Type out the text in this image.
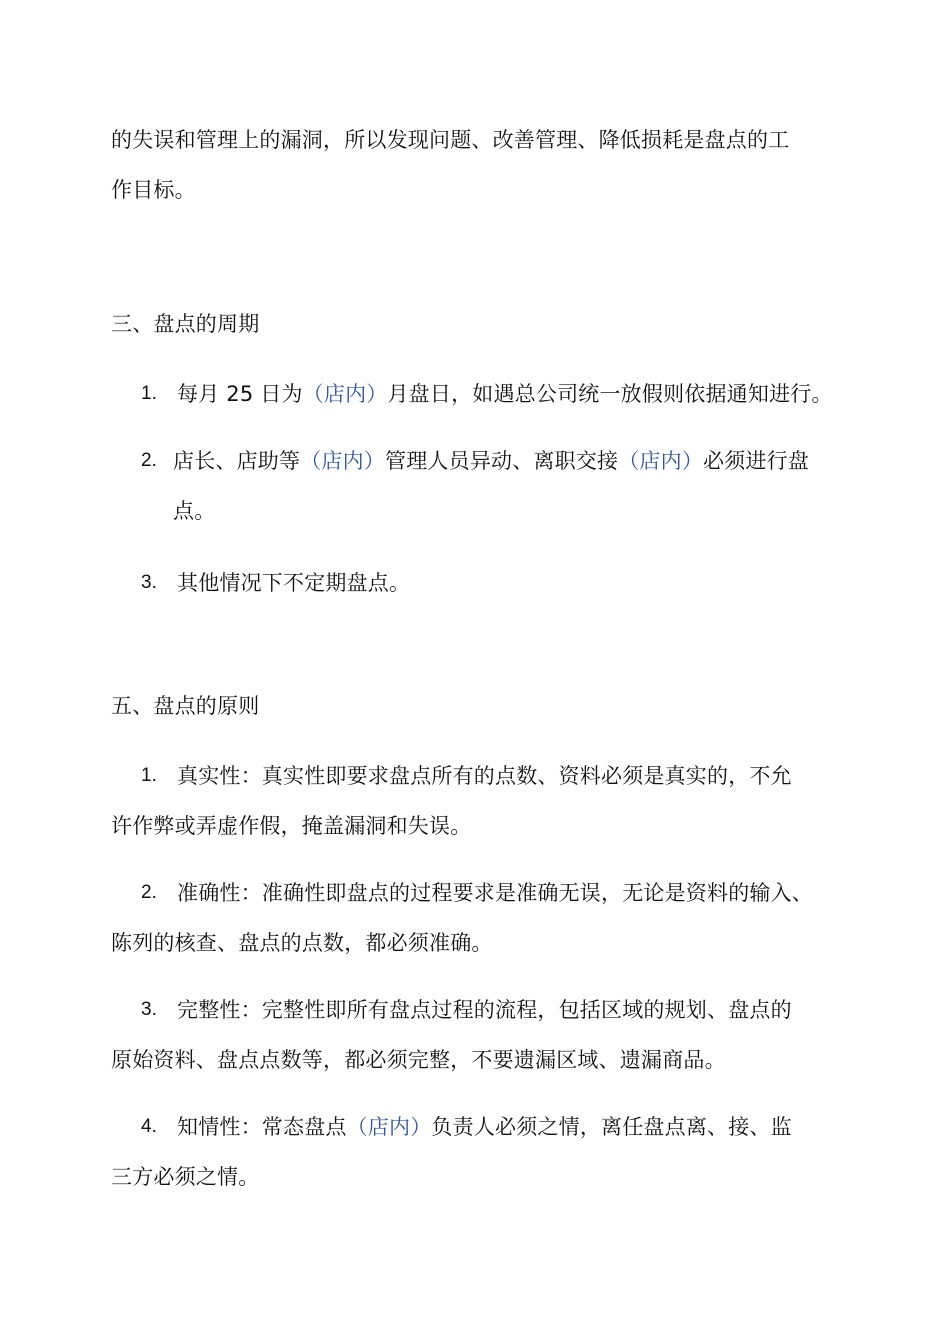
的失误和管理上的漏洞，所以发现问题、改善管理、降低损耗是盘点的工
作目标。
三、盘点的周期
1. 每月 25 日为（店内）月盘日，如遇总公司统一放假则依据通知进行。
2. 店长、店助等（店内）管理人员异动、离职交接（店内）必须进行盘
点。
3. 其他情况下不定期盘点。
五、盘点的原则
1. 真实性：真实性即要求盘点所有的点数、资料必须是真实的，不允
许作弊或弄虚作假，掩盖漏洞和失误。
2. 准确性：准确性即盘点的过程要求是准确无误，无论是资料的输入、
陈列的核查、盘点的点数，都必须准确。
3. 完整性：完整性即所有盘点过程的流程，包括区域的规划、盘点的
原始资料、盘点点数等，都必须完整，不要遗漏区域、遗漏商品。
4. 知情性：常态盘点（店内）负责人必须之情，离任盘点离、接、监
三方必须之情。
